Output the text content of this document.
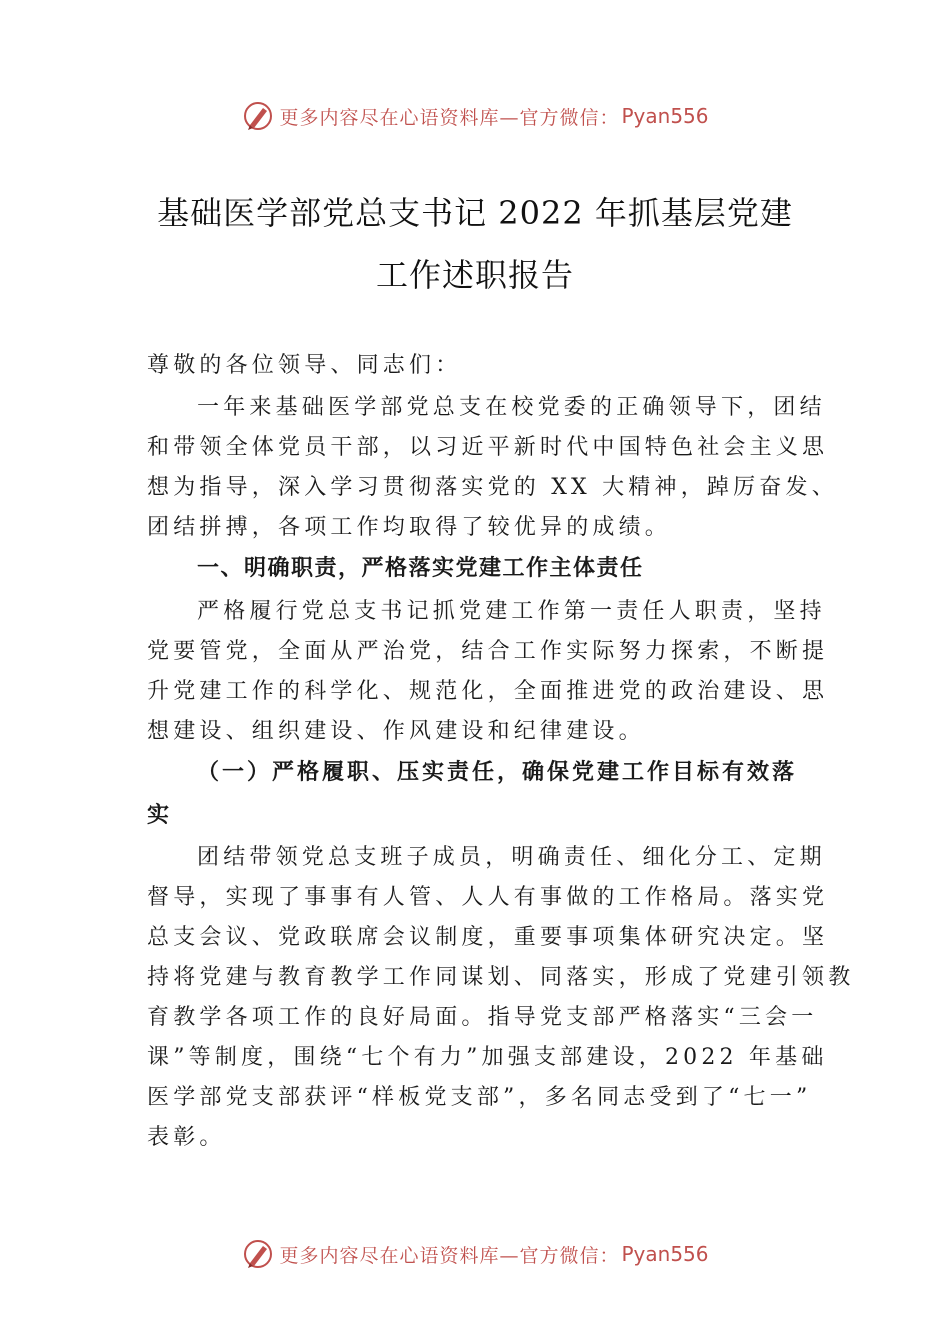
更多内容尽在心语资料库—官方微信： Pyan556
基础医学部党总支书记 2022 年抓基层党建
工作述职报告
尊敬的各位领导、同志们：
一年来基础医学部党总支在校党委的正确领导下，团结
和带领全体党员干部，以习近平新时代中国特色社会主义思
想为指导，深入学习贯彻落实党的 XX 大精神，踔厉奋发、
团结拼搏，各项工作均取得了较优异的成绩。
一、明确职责，严格落实党建工作主体责任
严格履行党总支书记抓党建工作第一责任人职责，坚持
党要管党，全面从严治党，结合工作实际努力探索，不断提
升党建工作的科学化、规范化，全面推进党的政治建设、思
想建设、组织建设、作风建设和纪律建设。
（一）严格履职、压实责任，确保党建工作目标有效落
实
团结带领党总支班子成员，明确责任、细化分工、定期
督导，实现了事事有人管、人人有事做的工作格局。落实党
总支会议、党政联席会议制度，重要事项集体研究决定。坚
持将党建与教育教学工作同谋划、同落实，形成了党建引领教
育教学各项工作的良好局面。指导党支部严格落实“三会一
课”等制度，围绕“七个有力”加强支部建设，2022 年基础
医学部党支部获评“样板党支部”，多名同志受到了“七一”
表彰。
更多内容尽在心语资料库—官方微信： Pyan556
